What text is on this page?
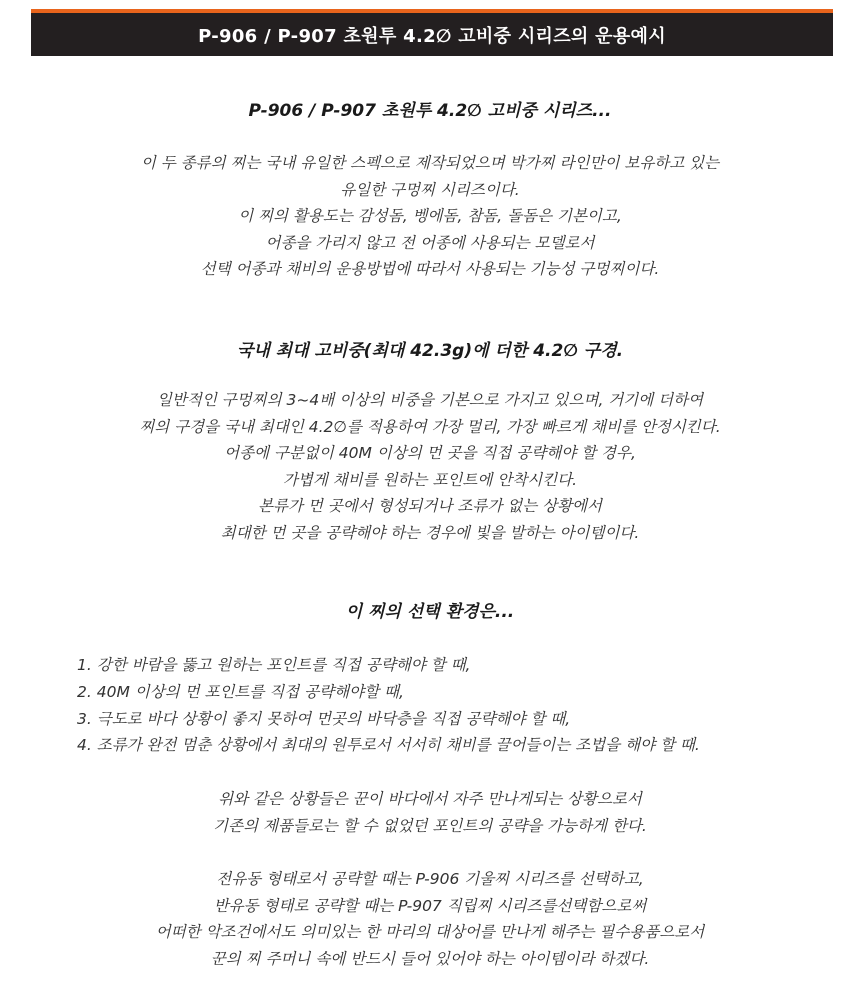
P-906 / P-907 초원투 4.2∅ 고비중 시리즈의 운용예시
P-906 / P-907 초원투 4.2∅ 고비중 시리즈...
이 두 종류의 찌는 국내 유일한 스펙으로 제작되었으며 박가찌 라인만이 보유하고 있는
유일한 구멍찌 시리즈이다.
이 찌의 활용도는 감성돔, 벵에돔, 참돔, 돌돔은 기본이고,
어종을 가리지 않고 전 어종에 사용되는 모델로서
선택 어종과 채비의 운용방법에 따라서 사용되는 기능성 구멍찌이다.
국내 최대 고비중(최대 42.3g)에 더한 4.2∅ 구경.
일반적인 구멍찌의 3~4배 이상의 비중을 기본으로 가지고 있으며, 거기에 더하여
찌의 구경을 국내 최대인 4.2∅를 적용하여 가장 멀리, 가장 빠르게 채비를 안정시킨다.
어종에 구분없이 40M 이상의 먼 곳을 직접 공략해야 할 경우,
가볍게 채비를 원하는 포인트에 안착시킨다.
본류가 먼 곳에서 형성되거나 조류가 없는 상황에서
최대한 먼 곳을 공략해야 하는 경우에 빛을 발하는 아이템이다.
이 찌의 선택 환경은...
1. 강한 바람을 뚫고 원하는 포인트를 직접 공략해야 할 때,
2. 40M 이상의 먼 포인트를 직접 공략해야할 때,
3. 극도로 바다 상황이 좋지 못하여 먼곳의 바닥층을 직접 공략해야 할 때,
4. 조류가 완전 멈춘 상황에서 최대의 원투로서 서서히 채비를 끌어들이는 조법을 해야 할 때.
위와 같은 상황들은 꾼이 바다에서 자주 만나게되는 상황으로서
기존의 제품들로는 할 수 없었던 포인트의 공략을 가능하게 한다.
전유동 형태로서 공략할 때는 P-906 기울찌 시리즈를 선택하고,
반유동 형태로 공략할 때는 P-907 직립찌 시리즈를선택함으로써
어떠한 악조건에서도 의미있는 한 마리의 대상어를 만나게 해주는 필수용품으로서
꾼의 찌 주머니 속에 반드시 들어 있어야 하는 아이템이라 하겠다.
